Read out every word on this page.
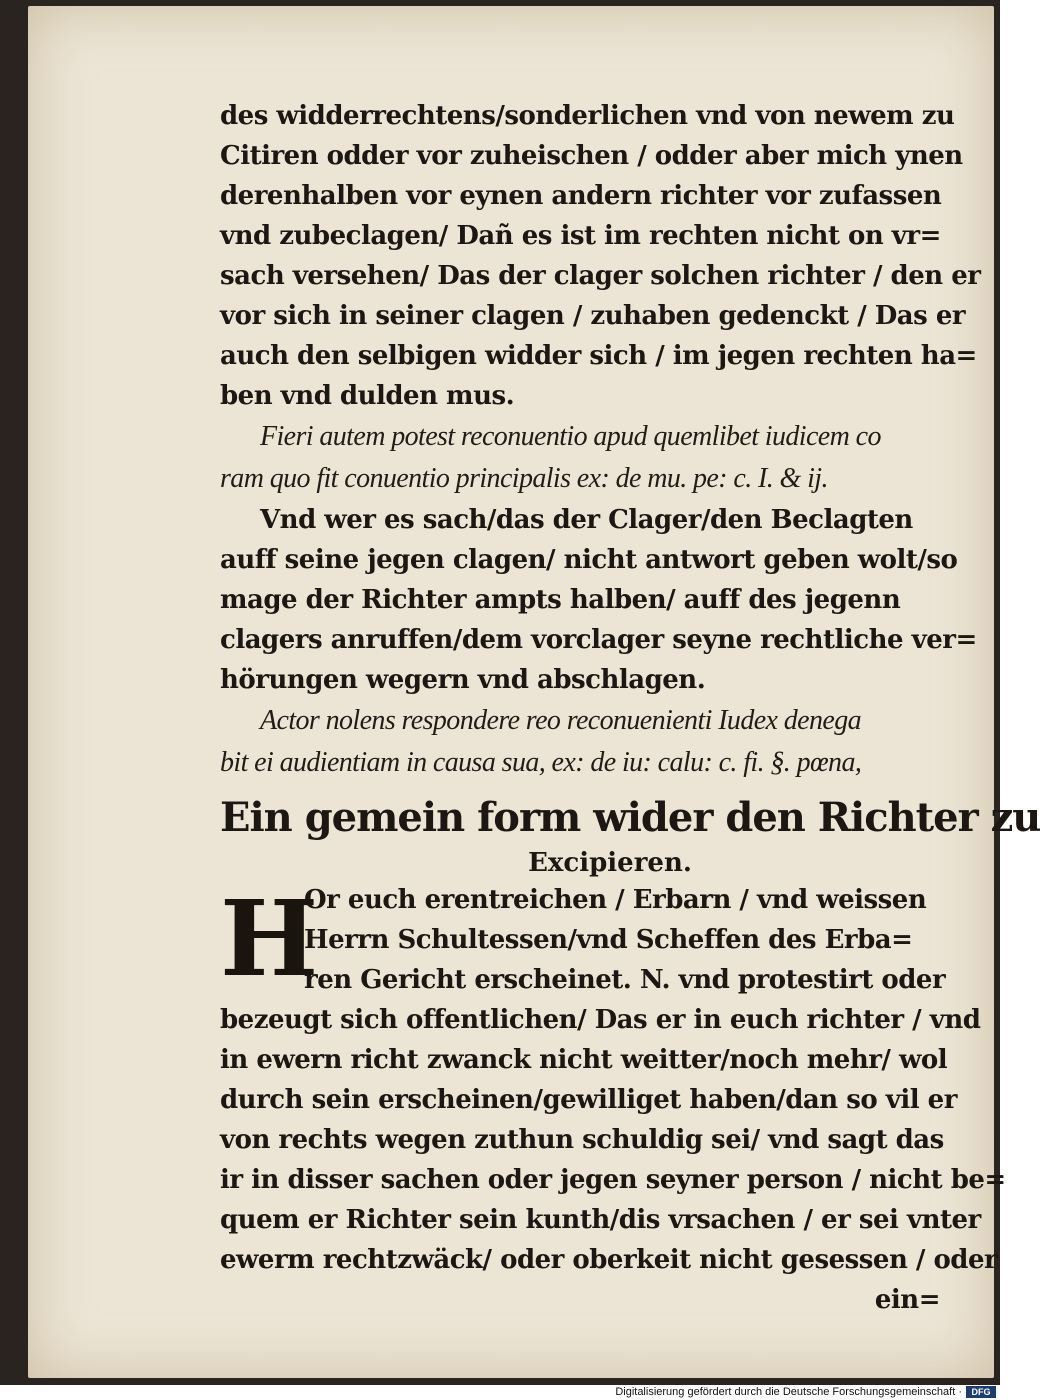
des widderrechtens/sonderlichen vnd von newem zu
Citiren odder vor zuheischen / odder aber mich ynen
derenhalben vor eynen andern richter vor zufassen
vnd zubeclagen/ Dañ es ist im rechten nicht on vr=
sach versehen/ Das der clager solchen richter / den er
vor sich in seiner clagen / zuhaben gedenckt / Das er
auch den selbigen widder sich / im jegen rechten ha=
ben vnd dulden mus.
Fieri autem potest reconuentio apud quemlibet iudicem co
ram quo fit conuentio principalis ex: de mu. pe: c. I. & ij.
Vnd wer es sach/das der Clager/den Beclagten
auff seine jegen clagen/ nicht antwort geben wolt/so
mage der Richter ampts halben/ auff des jegenn
clagers anruffen/dem vorclager seyne rechtliche ver=
hörungen wegern vnd abschlagen.
Actor nolens respondere reo reconuenienti Iudex denega
bit ei audientiam in causa sua, ex: de iu: calu: c. fi. §. pœna,
Ein gemein form wider den Richter zu
Excipieren.
H
Or euch erentreichen / Erbarn / vnd weissen
Herrn Schultessen/vnd Scheffen des Erba=
ren Gericht erscheinet. N. vnd protestirt oder
bezeugt sich offentlichen/ Das er in euch richter / vnd
in ewern richt zwanck nicht weitter/noch mehr/ wol
durch sein erscheinen/gewilliget haben/dan so vil er
von rechts wegen zuthun schuldig sei/ vnd sagt das
ir in disser sachen oder jegen seyner person / nicht be=
quem er Richter sein kunth/dis vrsachen / er sei vnter
ewerm rechtzwäck/ oder oberkeit nicht gesessen / oder
ein=
Digitalisierung gefördert durch die Deutsche Forschungsgemeinschaft ·	DFG
